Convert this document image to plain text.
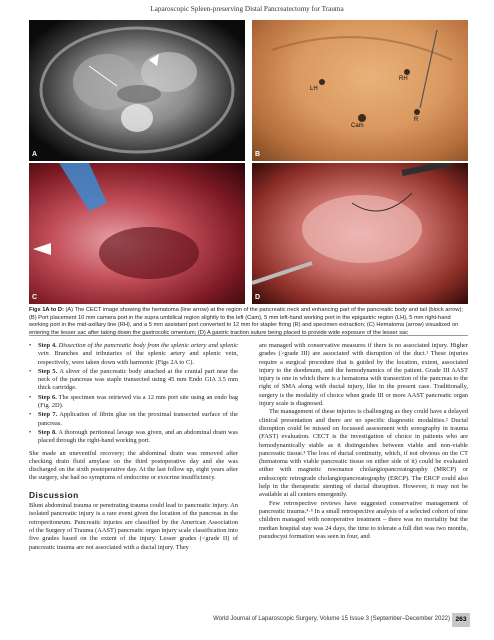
Laparoscopic Spleen-preserving Distal Pancreatectomy for Trauma
A
LH
RH
Cam
R
B
C	D
Figs 1A to D: (A) The CECT image showing the hematoma (line arrow) at the region of the pancreatic neck and enhancing part of the pancreatic body and tail (block arrow); (B) Port placement 10 mm camera port in the supra umbilical region slightly to the left (Cam), 5 mm left-hand working port in the epigastric region (LH), 5 mm right-hand working port in the mid-axillary line (RH), and a 5 mm assistant port converted to 12 mm for stapler firing (R) and specimen extraction; (C) Hematoma (arrow) visualized on entering the lesser sac after taking down the gastrocolic omentum; (D) A gastric traction suture being placed to provide wide exposure of the lesser sac
• Step 4. Dissection of the pancreatic body from the splenic artery and splenic vein. Branches and tributaries of the splenic artery and splenic vein, respectively, were taken down with harmonic (Figs 2A to C).
• Step 5. A sliver of the pancreatic body attached at the cranial part near the neck of the pancreas was staple transected using 45 mm Endo GIA 3.5 mm thick cartridge.
• Step 6. The specimen was retrieved via a 12 mm port site using an endo bag (Fig. 2D).
• Step 7. Application of fibrin glue on the proximal transected surface of the pancreas.
• Step 8. A thorough peritoneal lavage was given, and an abdominal drain was placed through the right-hand working port.

She made an uneventful recovery; the abdominal drain was removed after checking drain fluid amylase on the third postoperative day and she was discharged on the sixth postoperative day. At the last follow up, eight years after the surgery, she had no symptoms of endocrine or exocrine insufficiency.

Discussion

Blunt abdominal trauma or penetrating trauma could lead to pancreatic injury. An isolated pancreatic injury is a rare event given the location of the pancreas in the retroperitoneum. Pancreatic injuries are classified by the American Association of the Surgery of Trauma (AAST) pancreatic organ injury scale classification into five grades based on the extent of the injury. Lesser grades (<grade II) of pancreatic trauma are not associated with a ductal injury. They

are managed with conservative measures if there is no associated injury. Higher grades (>grade III) are associated with disruption of the duct.¹ These injuries require a surgical procedure that is guided by the location, extent, associated injury to the duodenum, and the hemodynamics of the patient. Grade III AAST injury is one in which there is a hematoma with transection of the pancreas to the right of SMA along with ductal injury, like in the present case. Traditionally, surgery is the modality of choice when grade III or more AAST pancreatic organ injury scale is diagnosed.

The management of these injuries is challenging as they could have a delayed clinical presentation and there are no specific diagnostic modalities.² Ductal disruption could be missed on focussed assessment with sonography in trauma (FAST) evaluation. CECT is the investigation of choice in patients who are hemodynamically stable as it distinguishes between viable and non-viable pancreatic tissue.³ The loss of ductal continuity, which, if not obvious on the CT (hematoma with viable pancreatic tissue on either side of it) could be evaluated either with magnetic resonance cholangiopancreatography (MRCP) or endoscopic retrograde cholangiopancreatography (ERCP). The ERCP could also help in the therapeutic stenting of ductal disruption. However, it may not be available at all centers emergently.

Few retrospective reviews have suggested conservative management of pancreatic trauma.⁴·⁵ In a small retrospective analysis of a selected cohort of nine children managed with nonoperative treatment – there was no mortality but the median hospital stay was 24 days, the time to tolerate a full diet was two months, pseudocyst formation was seen in four, and

World Journal of Laparoscopic Surgery, Volume 15 Issue 3 (September–December 2022) 263
